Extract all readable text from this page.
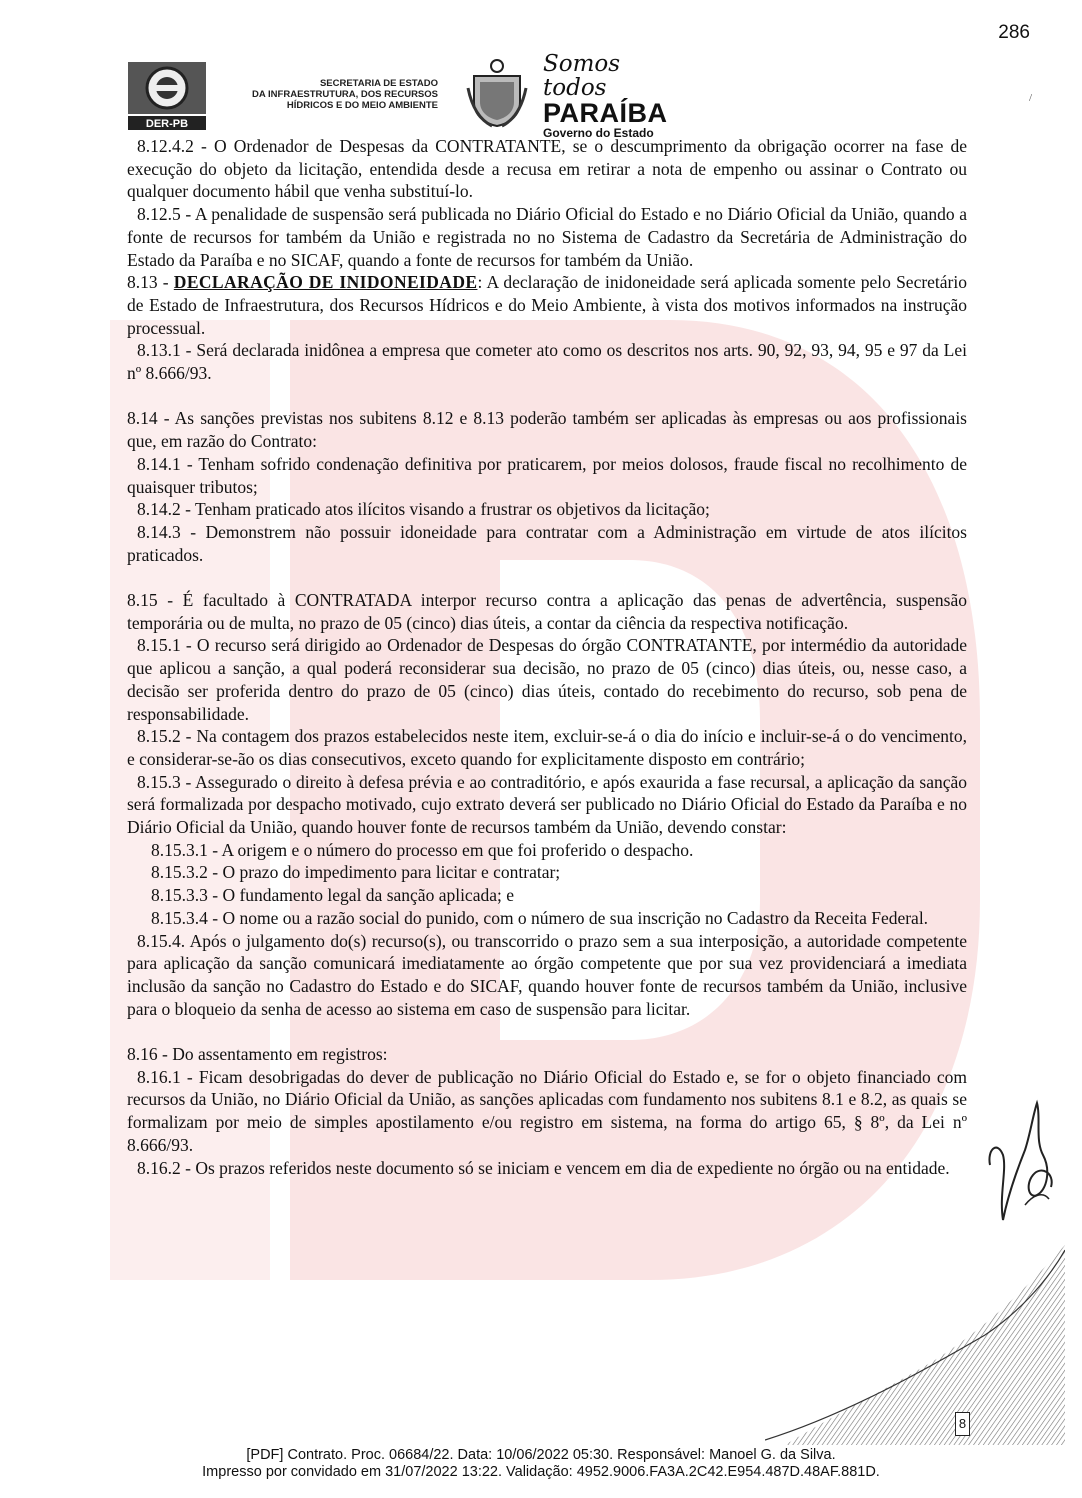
286
/
DER-PB
SECRETARIA DE ESTADO
DA INFRAESTRUTURA, DOS RECURSOS
HÍDRICOS E DO MEIO AMBIENTE
Somos todos
PARAÍBA
Governo do Estado

8.12.4.2 - O Ordenador de Despesas da CONTRATANTE, se o descumprimento da obrigação ocorrer na fase de execução do objeto da licitação, entendida desde a recusa em retirar a nota de empenho ou assinar o Contrato ou qualquer documento hábil que venha substituí-lo.

8.12.5 - A penalidade de suspensão será publicada no Diário Oficial do Estado e no Diário Oficial da União, quando a fonte de recursos for também da União e registrada no no Sistema de Cadastro da Secretária de Administração do Estado da Paraíba e no SICAF, quando a fonte de recursos for também da União.

8.13 - DECLARAÇÃO DE INIDONEIDADE: A declaração de inidoneidade será aplicada somente pelo Secretário de Estado de Infraestrutura, dos Recursos Hídricos e do Meio Ambiente, à vista dos motivos informados na instrução processual.

8.13.1 - Será declarada inidônea a empresa que cometer ato como os descritos nos arts. 90, 92, 93, 94, 95 e 97 da Lei nº 8.666/93.

8.14 - As sanções previstas nos subitens 8.12 e 8.13 poderão também ser aplicadas às empresas ou aos profissionais que, em razão do Contrato:

8.14.1 - Tenham sofrido condenação definitiva por praticarem, por meios dolosos, fraude fiscal no recolhimento de quaisquer tributos;

8.14.2 - Tenham praticado atos ilícitos visando a frustrar os objetivos da licitação;

8.14.3 - Demonstrem não possuir idoneidade para contratar com a Administração em virtude de atos ilícitos praticados.

8.15 - É facultado à CONTRATADA interpor recurso contra a aplicação das penas de advertência, suspensão temporária ou de multa, no prazo de 05 (cinco) dias úteis, a contar da ciência da respectiva notificação.

8.15.1 - O recurso será dirigido ao Ordenador de Despesas do órgão CONTRATANTE, por intermédio da autoridade que aplicou a sanção, a qual poderá reconsiderar sua decisão, no prazo de 05 (cinco) dias úteis, ou, nesse caso, a decisão ser proferida dentro do prazo de 05 (cinco) dias úteis, contado do recebimento do recurso, sob pena de responsabilidade.

8.15.2 - Na contagem dos prazos estabelecidos neste item, excluir-se-á o dia do início e incluir-se-á o do vencimento, e considerar-se-ão os dias consecutivos, exceto quando for explicitamente disposto em contrário;

8.15.3 - Assegurado o direito à defesa prévia e ao contraditório, e após exaurida a fase recursal, a aplicação da sanção será formalizada por despacho motivado, cujo extrato deverá ser publicado no Diário Oficial do Estado da Paraíba e no Diário Oficial da União, quando houver fonte de recursos também da União, devendo constar:

8.15.3.1 - A origem e o número do processo em que foi proferido o despacho.

8.15.3.2 - O prazo do impedimento para licitar e contratar;

8.15.3.3 - O fundamento legal da sanção aplicada; e

8.15.3.4 - O nome ou a razão social do punido, com o número de sua inscrição no Cadastro da Receita Federal.

8.15.4. Após o julgamento do(s) recurso(s), ou transcorrido o prazo sem a sua interposição, a autoridade competente para aplicação da sanção comunicará imediatamente ao órgão competente que por sua vez providenciará a imediata inclusão da sanção no Cadastro do Estado e do SICAF, quando houver fonte de recursos também da União, inclusive para o bloqueio da senha de acesso ao sistema em caso de suspensão para licitar.

8.16 - Do assentamento em registros:

8.16.1 - Ficam desobrigadas do dever de publicação no Diário Oficial do Estado e, se for o objeto financiado com recursos da União, no Diário Oficial da União, as sanções aplicadas com fundamento nos subitens 8.1 e 8.2, as quais se formalizam por meio de simples apostilamento e/ou registro em sistema, na forma do artigo 65, § 8º, da Lei nº 8.666/93.

8.16.2 - Os prazos referidos neste documento só se iniciam e vencem em dia de expediente no órgão ou na entidade.

8
[PDF] Contrato. Proc. 06684/22. Data: 10/06/2022 05:30. Responsável: Manoel G. da Silva.
Impresso por convidado em 31/07/2022 13:22. Validação: 4952.9006.FA3A.2C42.E954.487D.48AF.881D.
